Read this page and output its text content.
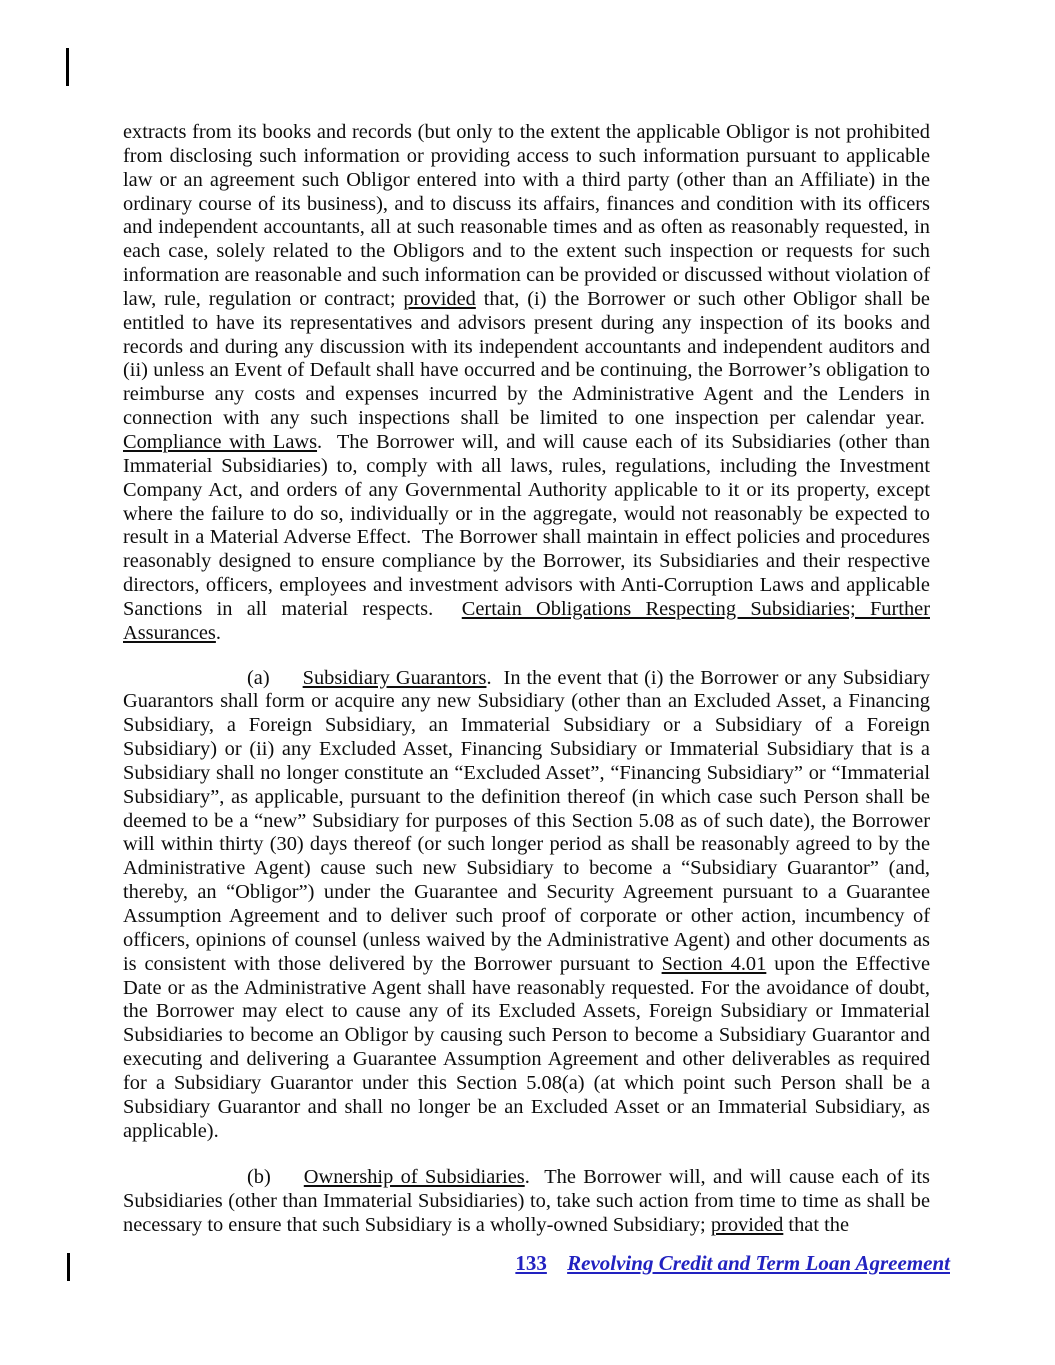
extracts from its books and records (but only to the extent the applicable Obligor is not prohibited from disclosing such information or providing access to such information pursuant to applicable law or an agreement such Obligor entered into with a third party (other than an Affiliate) in the ordinary course of its business), and to discuss its affairs, finances and condition with its officers and independent accountants, all at such reasonable times and as often as reasonably requested, in each case, solely related to the Obligors and to the extent such inspection or requests for such information are reasonable and such information can be provided or discussed without violation of law, rule, regulation or contract; provided that, (i) the Borrower or such other Obligor shall be entitled to have its representatives and advisors present during any inspection of its books and records and during any discussion with its independent accountants and independent auditors and (ii) unless an Event of Default shall have occurred and be continuing, the Borrower’s obligation to reimburse any costs and expenses incurred by the Administrative Agent and the Lenders in connection with any such inspections shall be limited to one inspection per calendar year.  Compliance with Laws.  The Borrower will, and will cause each of its Subsidiaries (other than Immaterial Subsidiaries) to, comply with all laws, rules, regulations, including the Investment Company Act, and orders of any Governmental Authority applicable to it or its property, except where the failure to do so, individually or in the aggregate, would not reasonably be expected to result in a Material Adverse Effect.  The Borrower shall maintain in effect policies and procedures reasonably designed to ensure compliance by the Borrower, its Subsidiaries and their respective directors, officers, employees and investment advisors with Anti-Corruption Laws and applicable Sanctions in all material respects.  Certain Obligations Respecting Subsidiaries; Further Assurances.

(a) Subsidiary Guarantors.  In the event that (i) the Borrower or any Subsidiary Guarantors shall form or acquire any new Subsidiary (other than an Excluded Asset, a Financing Subsidiary, a Foreign Subsidiary, an Immaterial Subsidiary or a Subsidiary of a Foreign Subsidiary) or (ii) any Excluded Asset, Financing Subsidiary or Immaterial Subsidiary that is a Subsidiary shall no longer constitute an “Excluded Asset”, “Financing Subsidiary” or “Immaterial Subsidiary”, as applicable, pursuant to the definition thereof (in which case such Person shall be deemed to be a “new” Subsidiary for purposes of this Section 5.08 as of such date), the Borrower will within thirty (30) days thereof (or such longer period as shall be reasonably agreed to by the Administrative Agent) cause such new Subsidiary to become a “Subsidiary Guarantor” (and, thereby, an “Obligor”) under the Guarantee and Security Agreement pursuant to a Guarantee Assumption Agreement and to deliver such proof of corporate or other action, incumbency of officers, opinions of counsel (unless waived by the Administrative Agent) and other documents as is consistent with those delivered by the Borrower pursuant to Section 4.01 upon the Effective Date or as the Administrative Agent shall have reasonably requested. For the avoidance of doubt, the Borrower may elect to cause any of its Excluded Assets, Foreign Subsidiary or Immaterial Subsidiaries to become an Obligor by causing such Person to become a Subsidiary Guarantor and executing and delivering a Guarantee Assumption Agreement and other deliverables as required for a Subsidiary Guarantor under this Section 5.08(a) (at which point such Person shall be a Subsidiary Guarantor and shall no longer be an Excluded Asset or an Immaterial Subsidiary, as applicable).

(b) Ownership of Subsidiaries.  The Borrower will, and will cause each of its Subsidiaries (other than Immaterial Subsidiaries) to, take such action from time to time as shall be necessary to ensure that such Subsidiary is a wholly-owned Subsidiary; provided that the

133 Revolving Credit and Term Loan Agreement
